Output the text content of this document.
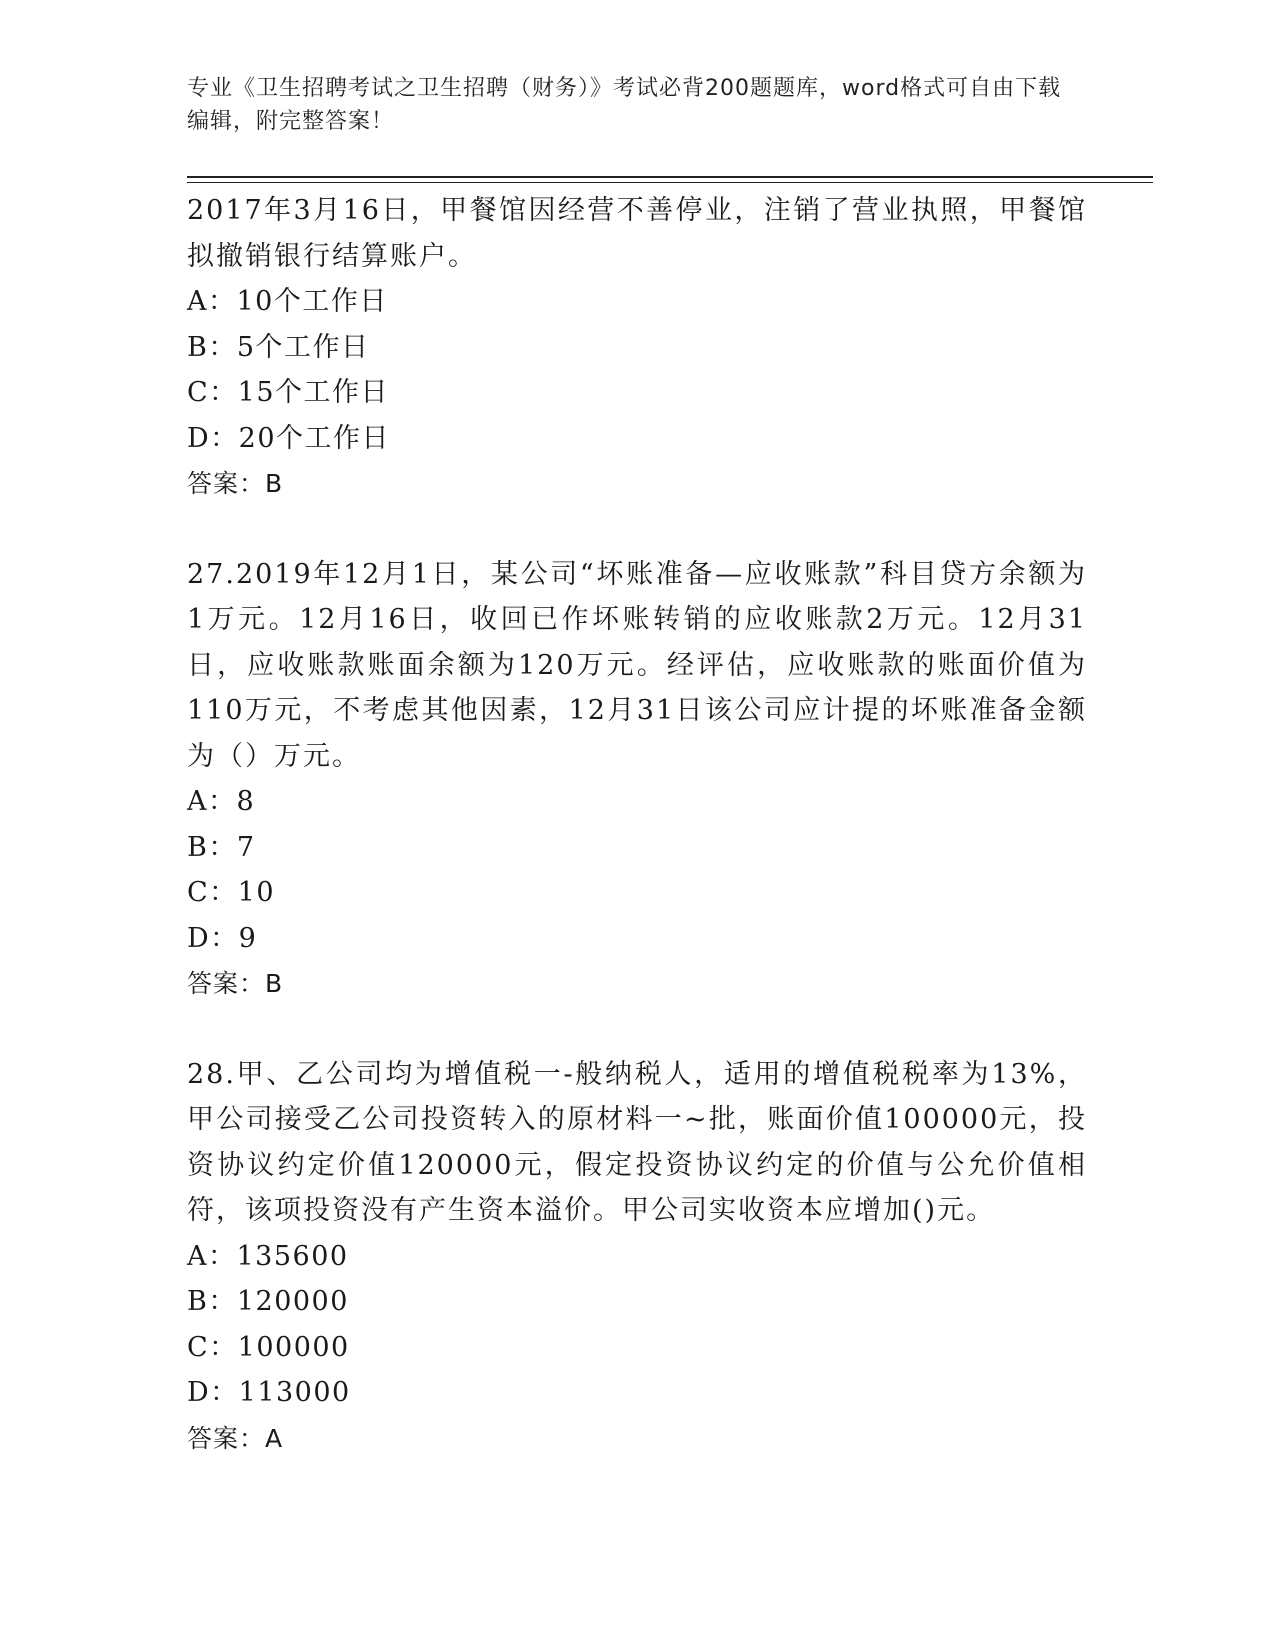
专业《卫生招聘考试之卫生招聘（财务）》考试必背200题题库，word格式可自由下载编辑，附完整答案！

2017年3月16日，甲餐馆因经营不善停业，注销了营业执照，甲餐馆拟撤销银行结算账户。

A：10个工作日

B：5个工作日

C：15个工作日

D：20个工作日

答案：B

27.2019年12月1日，某公司“坏账准备—应收账款”科目贷方余额为1万元。12月16日，收回已作坏账转销的应收账款2万元。12月31日，应收账款账面余额为120万元。经评估，应收账款的账面价值为110万元，不考虑其他因素，12月31日该公司应计提的坏账准备金额为（）万元。

A：8

B：7

C：10

D：9

答案：B

28.甲、乙公司均为增值税一-般纳税人，适用的增值税税率为13%，甲公司接受乙公司投资转入的原材料一~批，账面价值100000元，投资协议约定价值120000元，假定投资协议约定的价值与公允价值相符，该项投资没有产生资本溢价。甲公司实收资本应增加()元。

A：135600

B：120000

C：100000

D：113000

答案：A
